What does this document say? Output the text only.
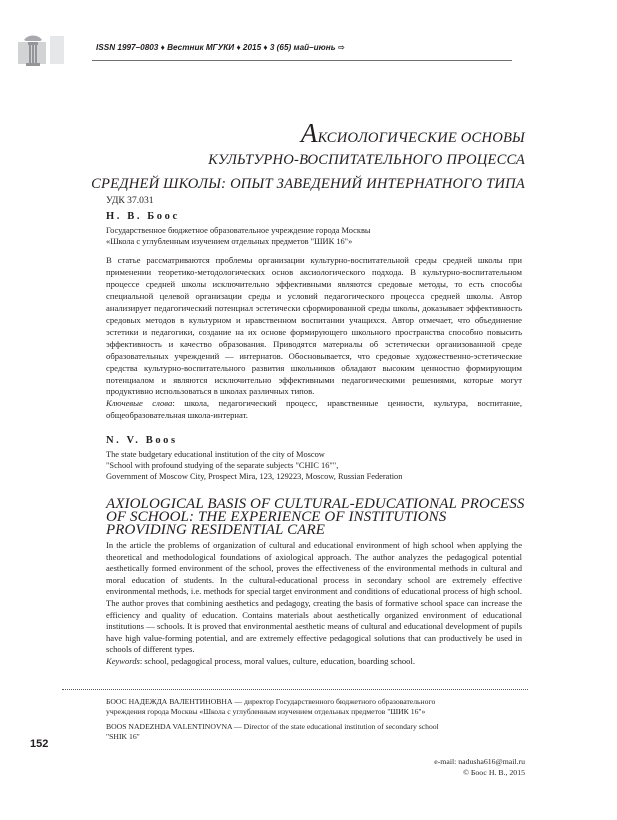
ISSN 1997–0803 ♦ Вестник МГУКИ ♦ 2015 ♦ 3 (65) май–июнь ⇨
АКСИОЛОГИЧЕСКИЕ ОСНОВЫ
КУЛЬТУРНО-ВОСПИТАТЕЛЬНОГО ПРОЦЕССА
СРЕДНЕЙ ШКОЛЫ: ОПЫТ ЗАВЕДЕНИЙ ИНТЕРНАТНОГО ТИПА
УДК 37.031
Н. В. Боос
Государственное бюджетное образовательное учреждение города Москвы
«Школа с углубленным изучением отдельных предметов "ШИК 16"»

В статье рассматриваются проблемы организации культурно-воспитательной среды средней школы при применении теоретико-методологических основ аксиологического подхода. В культурно-воспитательном процессе средней школы исключительно эффективными являются средовые методы, то есть способы специальной целевой организации среды и условий педагогического процесса средней школы. Автор анализирует педагогический потенциал эстетически сформированной среды школы, доказывает эффективность средовых методов в культурном и нравственном воспитании учащихся. Автор отмечает, что объединение эстетики и педагогики, создание на их основе формирующего школьного пространства способно повысить эффективность и качество образования. Приводятся материалы об эстетически организованной среде образовательных учреждений — интернатов. Обосновывается, что средовые художественно-эстетические средства культурно-воспитательного развития школьников обладают высоким ценностно формирующим потенциалом и являются исключительно эффективными педагогическими решениями, которые могут продуктивно использоваться в школах различных типов.

Ключевые слова: школа, педагогический процесс, нравственные ценности, культура, воспитание, общеобразовательная школа-интернат.

N. V. Boos
The state budgetary educational institution of the city of Moscow
"School with profound studying of the separate subjects "CHIC 16"",
Government of Moscow City, Prospect Mira, 123, 129223, Moscow, Russian Federation
AXIOLOGICAL BASIS OF CULTURAL-EDUCATIONAL PROCESS
OF SCHOOL: THE EXPERIENCE OF INSTITUTIONS
PROVIDING RESIDENTIAL CARE
In the article the problems of organization of cultural and educational environment of high school when applying the theoretical and methodological foundations of axiological approach. The author analyzes the pedagogical potential aesthetically formed environment of the school, proves the effectiveness of the environmental methods in cultural and moral education of students. In the cultural-educational process in secondary school are extremely effective environmental methods, i.e. methods for special target environment and conditions of educational process of high school. The author proves that combining aesthetics and pedagogy, creating the basis of formative school space can increase the efficiency and quality of education. Contains materials about aesthetically organized environment of educational institutions — schools. It is proved that environmental aesthetic means of cultural and educational development of pupils have high value-forming potential, and are extremely effective pedagogical solutions that can productively be used in schools of different types.
Keywords: school, pedagogical process, moral values, culture, education, boarding school.
БООС НАДЕЖДА ВАЛЕНТИНОВНА — директор Государственного бюджетного образовательного
учреждения города Москвы «Школа с углубленным изучением отдельных предметов "ШИК 16"»
BOOS NADEZHDA VALENTINOVNA — Director of the state educational institution of secondary school
"SHIK 16"
152
e-mail: nadusha616@mail.ru
© Боос Н. В., 2015
